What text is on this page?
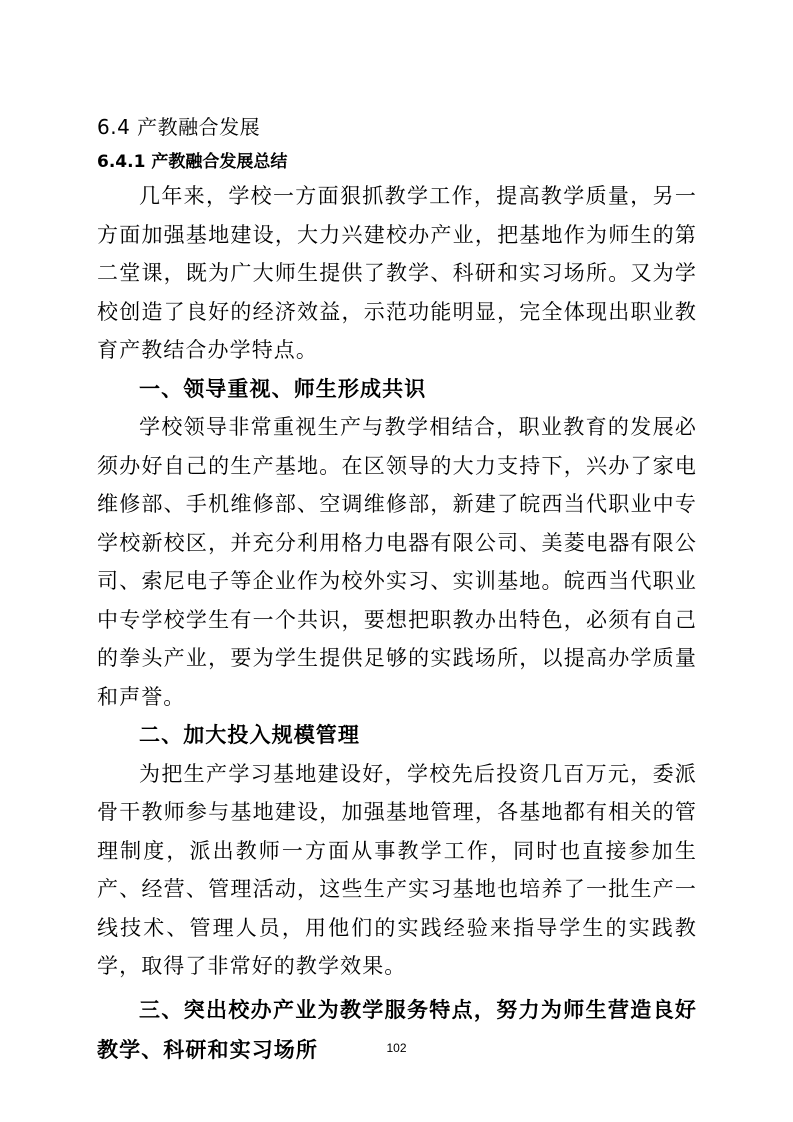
6.4 产教融合发展
6.4.1 产教融合发展总结

几年来，学校一方面狠抓教学工作，提高教学质量，另一方面加强基地建设，大力兴建校办产业，把基地作为师生的第二堂课，既为广大师生提供了教学、科研和实习场所。又为学校创造了良好的经济效益，示范功能明显，完全体现出职业教育产教结合办学特点。

一、领导重视、师生形成共识

学校领导非常重视生产与教学相结合，职业教育的发展必须办好自己的生产基地。在区领导的大力支持下，兴办了家电维修部、手机维修部、空调维修部，新建了皖西当代职业中专学校新校区，并充分利用格力电器有限公司、美菱电器有限公司、索尼电子等企业作为校外实习、实训基地。皖西当代职业中专学校学生有一个共识，要想把职教办出特色，必须有自己的拳头产业，要为学生提供足够的实践场所，以提高办学质量和声誉。

二、加大投入规模管理

为把生产学习基地建设好，学校先后投资几百万元，委派骨干教师参与基地建设，加强基地管理，各基地都有相关的管理制度，派出教师一方面从事教学工作，同时也直接参加生产、经营、管理活动，这些生产实习基地也培养了一批生产一线技术、管理人员，用他们的实践经验来指导学生的实践教学，取得了非常好的教学效果。

三、突出校办产业为教学服务特点，努力为师生营造良好教学、科研和实习场所	102
